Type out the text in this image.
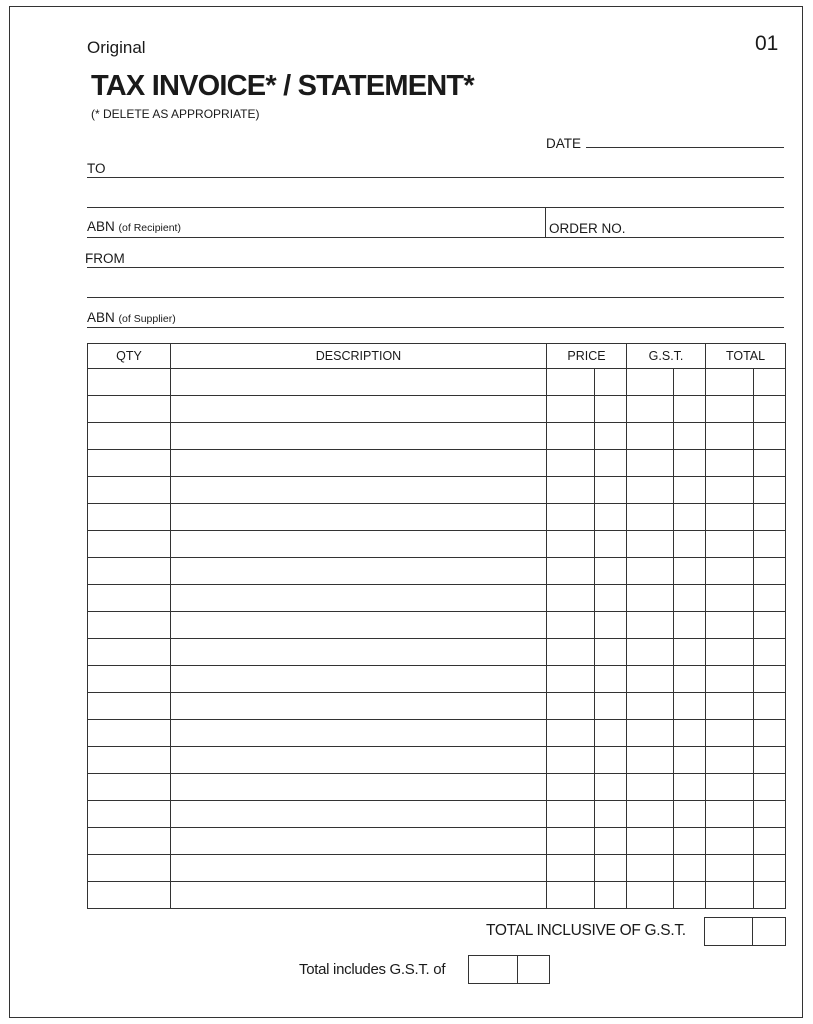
Original	01
TAX INVOICE* / STATEMENT*
(* DELETE AS APPROPRIATE)
DATE
TO
ABN (of Recipient)	ORDER NO.
FROM
ABN (of Supplier)
QTY	DESCRIPTION	PRICE		G.S.T.		TOTAL	

TOTAL INCLUSIVE OF G.S.T.
Total includes G.S.T. of
